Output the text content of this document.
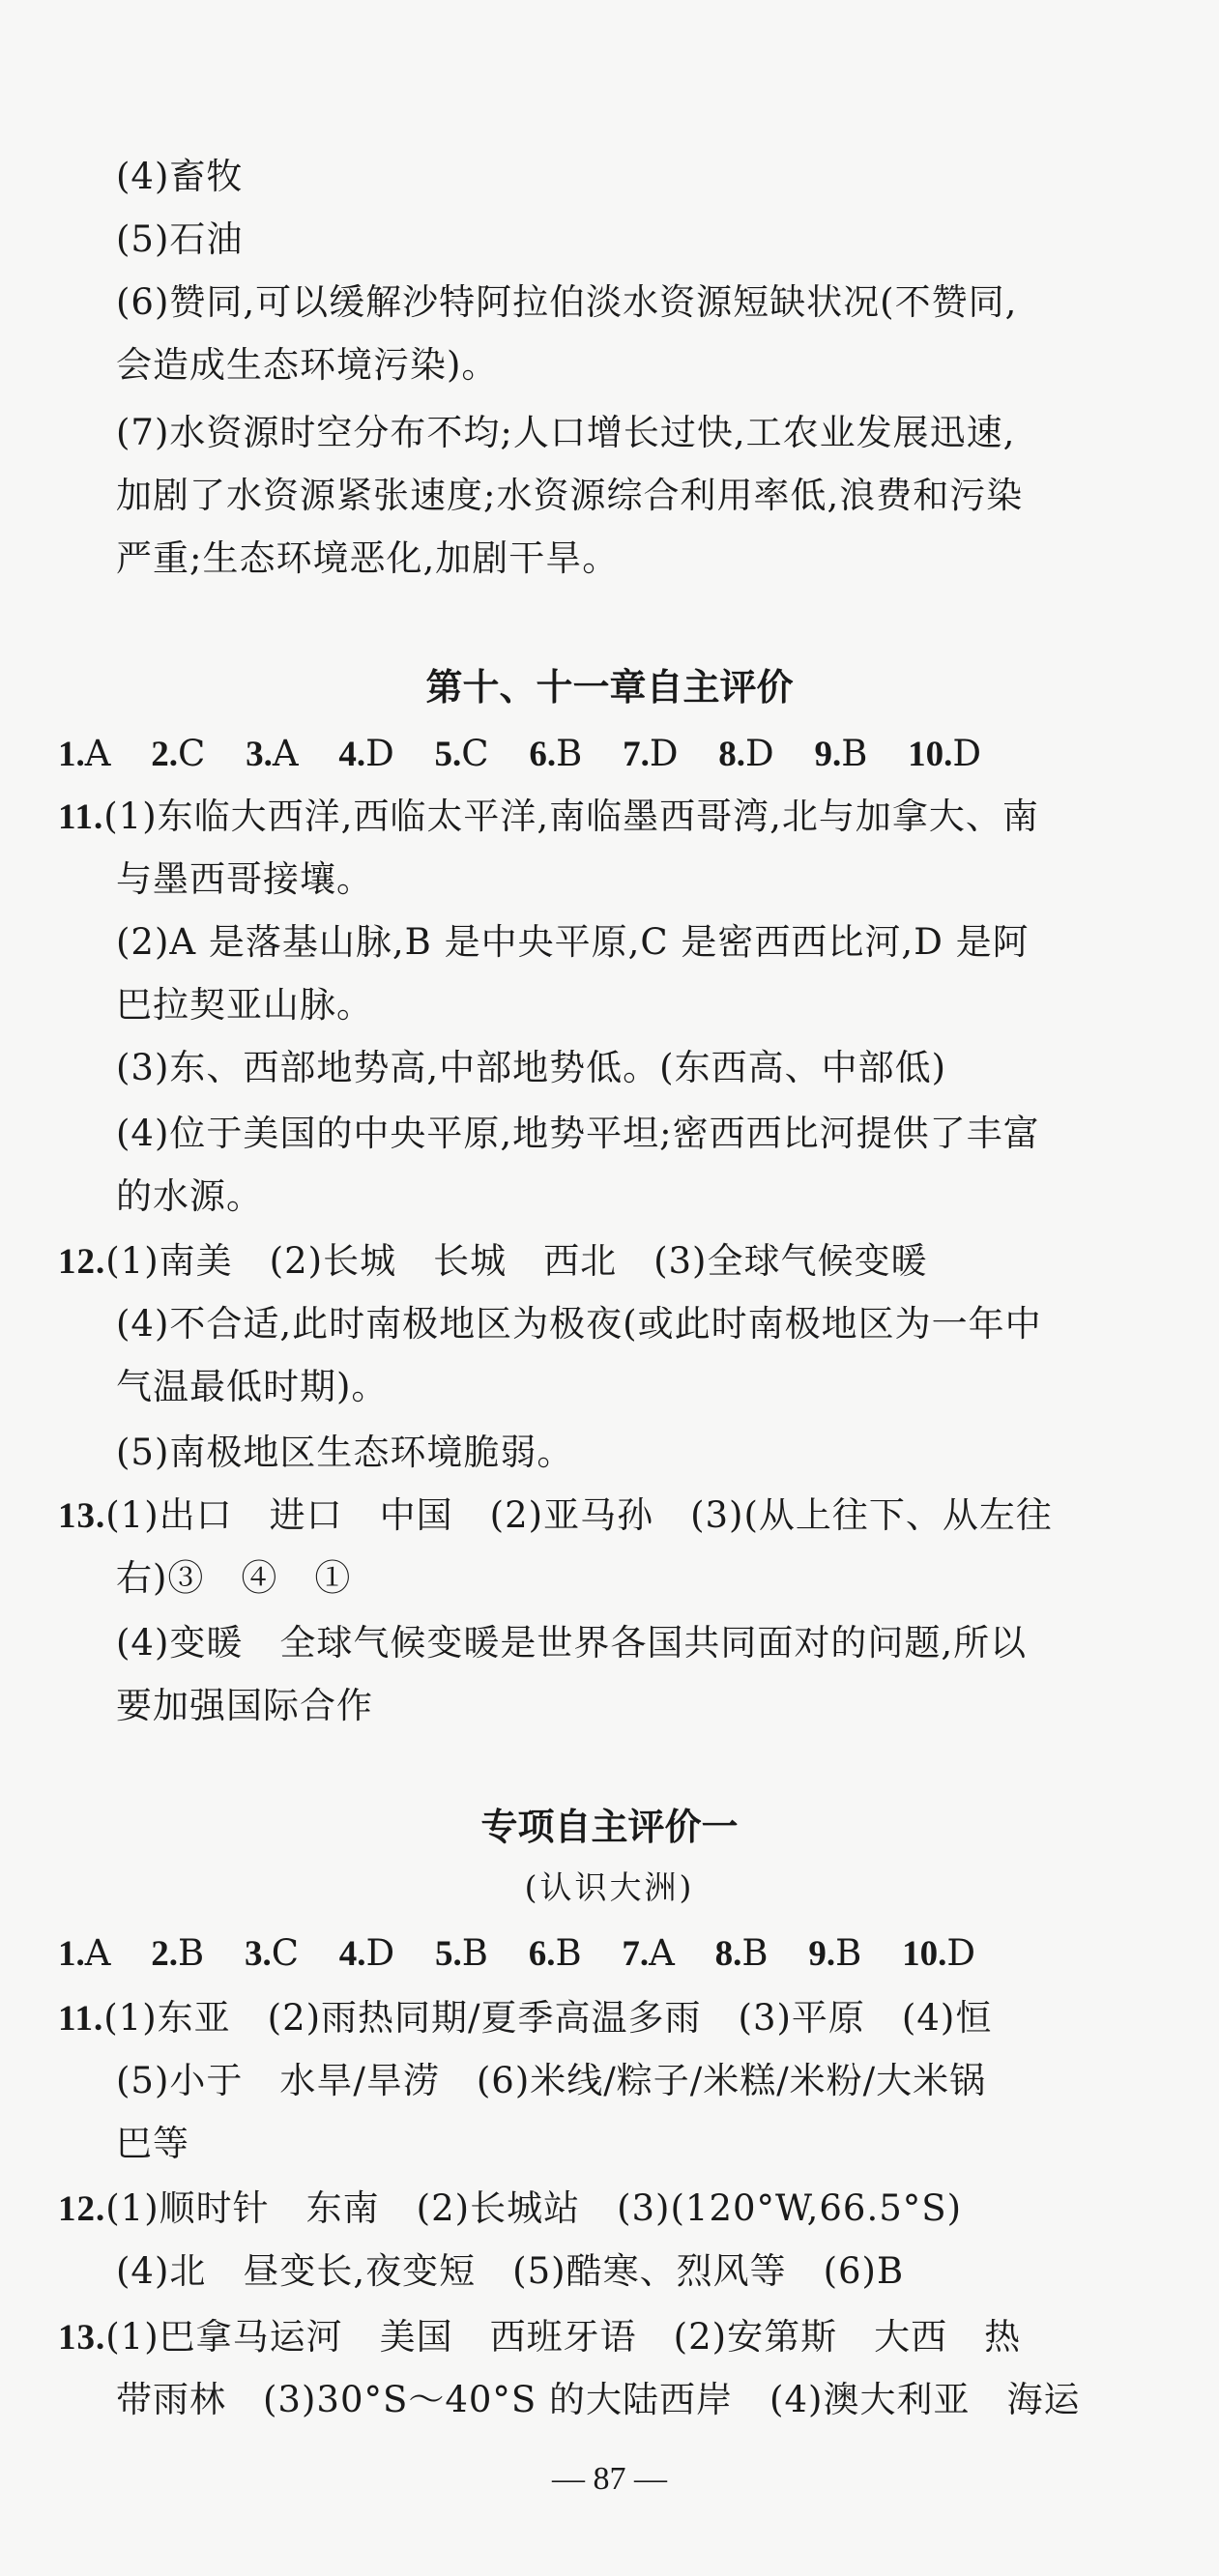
(4)畜牧
(5)石油
(6)赞同,可以缓解沙特阿拉伯淡水资源短缺状况(不赞同,
会造成生态环境污染)。
(7)水资源时空分布不均;人口增长过快,工农业发展迅速,
加剧了水资源紧张速度;水资源综合利用率低,浪费和污染
严重;生态环境恶化,加剧干旱。
第十、十一章自主评价
1.A 2.C 3.A 4.D 5.C 6.B 7.D 8.D 9.B 10.D
11.(1)东临大西洋,西临太平洋,南临墨西哥湾,北与加拿大、南
与墨西哥接壤。
(2)A 是落基山脉,B 是中央平原,C 是密西西比河,D 是阿
巴拉契亚山脉。
(3)东、西部地势高,中部地势低。(东西高、中部低)
(4)位于美国的中央平原,地势平坦;密西西比河提供了丰富
的水源。
12.(1)南美　(2)长城　长城　西北　(3)全球气候变暖
(4)不合适,此时南极地区为极夜(或此时南极地区为一年中
气温最低时期)。
(5)南极地区生态环境脆弱。
13.(1)出口　进口　中国　(2)亚马孙　(3)(从上往下、从左往
右)③　④　①
(4)变暖　全球气候变暖是世界各国共同面对的问题,所以
要加强国际合作
专项自主评价一
(认识大洲)
1.A 2.B 3.C 4.D 5.B 6.B 7.A 8.B 9.B 10.D
11.(1)东亚　(2)雨热同期/夏季高温多雨　(3)平原　(4)恒
(5)小于　水旱/旱涝　(6)米线/粽子/米糕/米粉/大米锅
巴等
12.(1)顺时针　东南　(2)长城站　(3)(120°W,66.5°S)
(4)北　昼变长,夜变短　(5)酷寒、烈风等　(6)B
13.(1)巴拿马运河　美国　西班牙语　(2)安第斯　大西　热
带雨林　(3)30°S～40°S 的大陆西岸　(4)澳大利亚　海运
— 87 —
